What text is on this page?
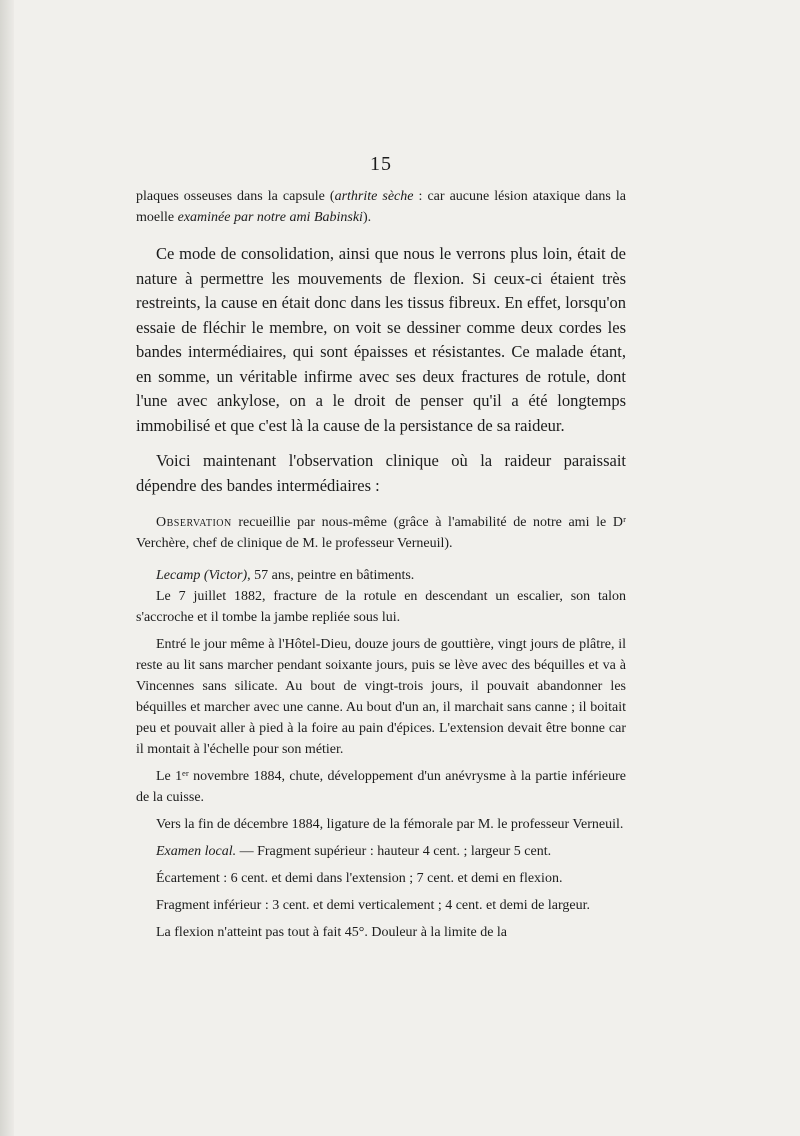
15

plaques osseuses dans la capsule (arthrite sèche : car aucune lésion ataxique dans la moelle examinée par notre ami Babinski).

Ce mode de consolidation, ainsi que nous le verrons plus loin, était de nature à permettre les mouvements de flexion. Si ceux-ci étaient très restreints, la cause en était donc dans les tissus fibreux. En effet, lorsqu'on essaie de fléchir le membre, on voit se dessiner comme deux cordes les bandes intermédiaires, qui sont épaisses et résistantes. Ce malade étant, en somme, un véritable infirme avec ses deux fractures de rotule, dont l'une avec ankylose, on a le droit de penser qu'il a été longtemps immobilisé et que c'est là la cause de la persistance de sa raideur.

Voici maintenant l'observation clinique où la raideur paraissait dépendre des bandes intermédiaires :

Observation recueillie par nous-même (grâce à l'amabilité de notre ami le Dʳ Verchère, chef de clinique de M. le professeur Verneuil).

Lecamp (Victor), 57 ans, peintre en bâtiments.

Le 7 juillet 1882, fracture de la rotule en descendant un escalier, son talon s'accroche et il tombe la jambe repliée sous lui.

Entré le jour même à l'Hôtel-Dieu, douze jours de gouttière, vingt jours de plâtre, il reste au lit sans marcher pendant soixante jours, puis se lève avec des béquilles et va à Vincennes sans silicate. Au bout de vingt-trois jours, il pouvait abandonner les béquilles et marcher avec une canne. Au bout d'un an, il marchait sans canne ; il boitait peu et pouvait aller à pied à la foire au pain d'épices. L'extension devait être bonne car il montait à l'échelle pour son métier.

Le 1ᵉʳ novembre 1884, chute, développement d'un anévrysme à la partie inférieure de la cuisse.

Vers la fin de décembre 1884, ligature de la fémorale par M. le professeur Verneuil.

Examen local. — Fragment supérieur : hauteur 4 cent. ; largeur 5 cent.

Écartement : 6 cent. et demi dans l'extension ; 7 cent. et demi en flexion.

Fragment inférieur : 3 cent. et demi verticalement ; 4 cent. et demi de largeur.

La flexion n'atteint pas tout à fait 45°. Douleur à la limite de la
